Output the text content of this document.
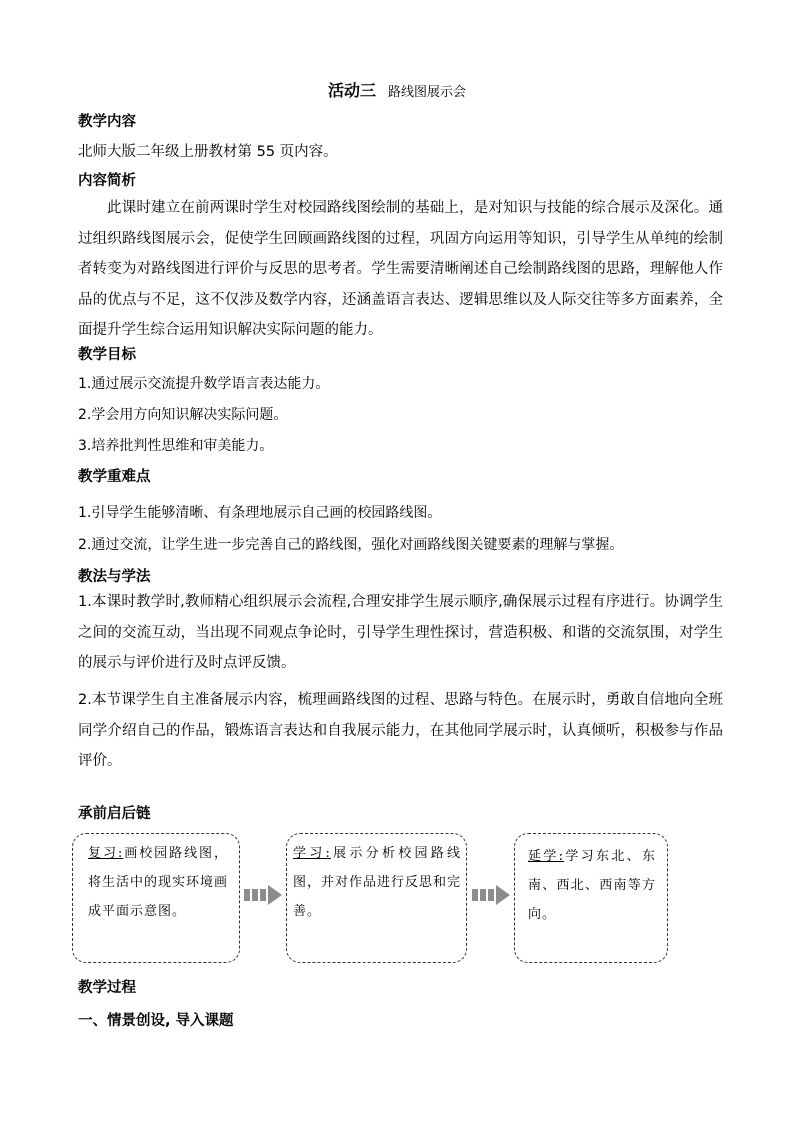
活动三 路线图展示会
教学内容
北师大版二年级上册教材第 55 页内容。
内容简析
此课时建立在前两课时学生对校园路线图绘制的基础上，是对知识与技能的综合展示及深化。通过组织路线图展示会，促使学生回顾画路线图的过程，巩固方向运用等知识，引导学生从单纯的绘制者转变为对路线图进行评价与反思的思考者。学生需要清晰阐述自己绘制路线图的思路，理解他人作品的优点与不足，这不仅涉及数学内容，还涵盖语言表达、逻辑思维以及人际交往等多方面素养，全面提升学生综合运用知识解决实际问题的能力。
教学目标
1.通过展示交流提升数学语言表达能力。
2.学会用方向知识解决实际问题。
3.培养批判性思维和审美能力。
教学重难点
1.引导学生能够清晰、有条理地展示自己画的校园路线图。
2.通过交流，让学生进一步完善自己的路线图，强化对画路线图关键要素的理解与掌握。
教法与学法
1.本课时教学时,教师精心组织展示会流程,合理安排学生展示顺序,确保展示过程有序进行。协调学生之间的交流互动，当出现不同观点争论时，引导学生理性探讨，营造积极、和谐的交流氛围，对学生的展示与评价进行及时点评反馈。
2.本节课学生自主准备展示内容，梳理画路线图的过程、思路与特色。在展示时，勇敢自信地向全班同学介绍自己的作品，锻炼语言表达和自我展示能力，在其他同学展示时，认真倾听，积极参与作品评价。
承前启后链
复习:画校园路线图，将生活中的现实环境画成平面示意图。
学习:展示分析校园路线图，并对作品进行反思和完善。
延学:学习东北、东南、西北、西南等方向。
教学过程
一、情景创设, 导入课题
